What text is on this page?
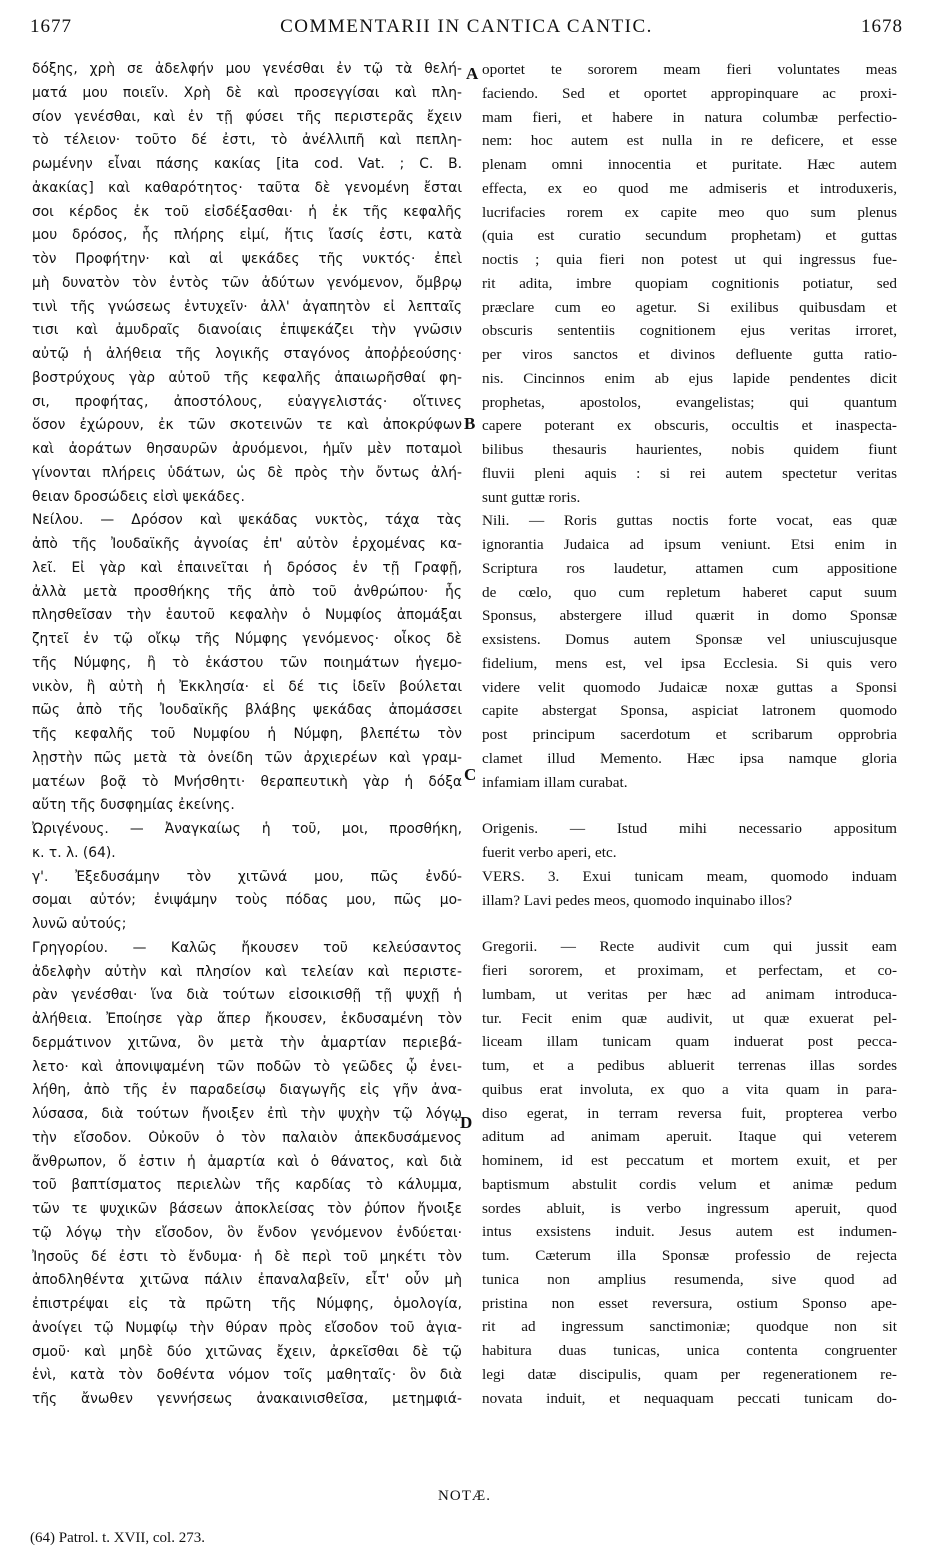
1677	COMMENTARII IN CANTICA CANTIC.	1678

δόξης, χρὴ σε ἀδελφήν μου γενέσθαι ἐν τῷ τὰ θελή-

ματά μου ποιεῖν. Χρὴ δὲ καὶ προσεγγίσαι καὶ πλη-

σίον γενέσθαι, καὶ ἐν τῇ φύσει τῆς περιστερᾶς ἔχειν

τὸ τέλειον· τοῦτο δέ ἐστι, τὸ ἀνέλλιπῆ καὶ πεπλη-

ρωμένην εἶναι πάσης κακίας [ita cod. Vat. ; C. B.

ἀκακίας] καὶ καθαρότητος· ταῦτα δὲ γενομένη ἔσται

σοι κέρδος ἐκ τοῦ εἰσδέξασθαι· ἡ ἐκ τῆς κεφαλῆς

μου δρόσος, ἧς πλήρης εἰμί, ἥτις ἴασίς ἐστι, κατὰ

τὸν Προφήτην· καὶ αἱ ψεκάδες τῆς νυκτός· ἐπεὶ

μὴ δυνατὸν τὸν ἐντὸς τῶν ἀδύτων γενόμενον, ὄμβρῳ

τινὶ τῆς γνώσεως ἐντυχεῖν· ἀλλ' ἀγαπητὸν εἰ λεπταῖς

τισι καὶ ἀμυδραῖς διανοίαις ἐπιψεκάζει τὴν γνῶσιν

αὐτῷ ἡ ἀλήθεια τῆς λογικῆς σταγόνος ἀποῤῥεούσης·

βοστρύχους γὰρ αὐτοῦ τῆς κεφαλῆς ἀπαιωρῆσθαί φη-

σι, προφήτας, ἀποστόλους, εὐαγγελιστάς· οἵτινες

ὅσον ἐχώρουν, ἐκ τῶν σκοτεινῶν τε καὶ ἀποκρύφων

καὶ ἀοράτων θησαυρῶν ἀρυόμενοι, ἡμῖν μὲν ποταμοὶ

γίνονται πλήρεις ὑδάτων, ὡς δὲ πρὸς τὴν ὄντως ἀλή-

θειαν δροσώδεις εἰσὶ ψεκάδες.

Νείλου. — Δρόσον καὶ ψεκάδας νυκτὸς, τάχα τὰς

ἀπὸ τῆς Ἰουδαϊκῆς ἀγνοίας ἐπ' αὐτὸν ἐρχομένας κα-

λεῖ. Εἰ γὰρ καὶ ἐπαινεῖται ἡ δρόσος ἐν τῇ Γραφῇ,

ἀλλὰ μετὰ προσθήκης τῆς ἀπὸ τοῦ ἀνθρώπου· ἧς

πλησθεῖσαν τὴν ἑαυτοῦ κεφαλὴν ὁ Νυμφίος ἀπομάξαι

ζητεῖ ἐν τῷ οἴκῳ τῆς Νύμφης γενόμενος· οἶκος δὲ

τῆς Νύμφης, ἢ τὸ ἑκάστου τῶν ποιημάτων ἡγεμο-

νικὸν, ἢ αὐτὴ ἡ Ἐκκλησία· εἰ δέ τις ἰδεῖν βούλεται

πῶς ἀπὸ τῆς Ἰουδαϊκῆς βλάβης ψεκάδας ἀπομάσσει

τῆς κεφαλῆς τοῦ Νυμφίου ἡ Νύμφη, βλεπέτω τὸν

λῃστὴν πῶς μετὰ τὰ ὀνείδη τῶν ἀρχιερέων καὶ γραμ-

ματέων βοᾷ τὸ Μνήσθητι· θεραπευτικὴ γὰρ ἡ δόξα

αὕτη τῆς δυσφημίας ἐκείνης.

Ὠριγένους. — Ἀναγκαίως ἡ τοῦ, μοι, προσθήκη,

κ. τ. λ. (64).

γ'. Ἐξεδυσάμην τὸν χιτῶνά μου, πῶς ἐνδύ-

σομαι αὐτόν; ἐνιψάμην τοὺς πόδας μου, πῶς μο-

λυνῶ αὐτούς;

Γρηγορίου. — Καλῶς ἤκουσεν τοῦ κελεύσαντος

ἀδελφὴν αὐτὴν καὶ πλησίον καὶ τελείαν καὶ περιστε-

ρὰν γενέσθαι· ἵνα διὰ τούτων εἰσοικισθῇ τῇ ψυχῇ ἡ

ἀλήθεια. Ἐποίησε γὰρ ἅπερ ἤκουσεν, ἐκδυσαμένη τὸν

δερμάτινον χιτῶνα, ὃν μετὰ τὴν ἁμαρτίαν περιεβά-

λετο· καὶ ἀπονιψαμένη τῶν ποδῶν τὸ γεῶδες ᾧ ἐνει-

λήθη, ἀπὸ τῆς ἐν παραδείσῳ διαγωγῆς εἰς γῆν ἀνα-

λύσασα, διὰ τούτων ἤνοιξεν ἐπὶ τὴν ψυχὴν τῷ λόγῳ

τὴν εἴσοδον. Οὐκοῦν ὁ τὸν παλαιὸν ἀπεκδυσάμενος

ἄνθρωπον, ὅ ἐστιν ἡ ἁμαρτία καὶ ὁ θάνατος, καὶ διὰ

τοῦ βαπτίσματος περιελὼν τῆς καρδίας τὸ κάλυμμα,

τῶν τε ψυχικῶν βάσεων ἀποκλείσας τὸν ῥύπον ἤνοιξε

τῷ λόγῳ τὴν εἴσοδον, ὃν ἔνδον γενόμενον ἐνδύεται·

Ἰησοῦς δέ ἐστι τὸ ἔνδυμα· ἡ δὲ περὶ τοῦ μηκέτι τὸν

ἀποδληθέντα χιτῶνα πάλιν ἐπαναλαβεῖν, εἶτ' οὖν μὴ

ἐπιστρέψαι εἰς τὰ πρῶτη τῆς Νύμφης, ὁμολογία,

ἀνοίγει τῷ Νυμφίῳ τὴν θύραν πρὸς εἴσοδον τοῦ ἁγια-

σμοῦ· καὶ μηδὲ δύο χιτῶνας ἔχειν, ἀρκεῖσθαι δὲ τῷ

ἑνὶ, κατὰ τὸν δοθέντα νόμον τοῖς μαθηταῖς· ὃν διὰ

τῆς ἄνωθεν γεννήσεως ἀνακαινισθεῖσα, μετημφιά-

oportet te sororem meam fieri voluntates meas

faciendo. Sed et oportet appropinquare ac proxi-

mam fieri, et habere in natura columbæ perfectio-

nem: hoc autem est nulla in re deficere, et esse

plenam omni innocentia et puritate. Hæc autem

effecta, ex eo quod me admiseris et introduxeris,

lucrifacies rorem ex capite meo quo sum plenus

(quia est curatio secundum prophetam) et guttas

noctis ; quia fieri non potest ut qui ingressus fue-

rit adita, imbre quopiam cognitionis potiatur, sed

præclare cum eo agetur. Si exilibus quibusdam et

obscuris sententiis cognitionem ejus veritas irroret,

per viros sanctos et divinos defluente gutta ratio-

nis. Cincinnos enim ab ejus lapide pendentes dicit

prophetas, apostolos, evangelistas; qui quantum

capere poterant ex obscuris, occultis et inaspecta-

bilibus thesauris haurientes, nobis quidem fiunt

fluvii pleni aquis : si rei autem spectetur veritas

sunt guttæ roris.

Nili. — Roris guttas noctis forte vocat, eas quæ

ignorantia Judaica ad ipsum veniunt. Etsi enim in

Scriptura ros laudetur, attamen cum appositione

de cœlo, quo cum repletum haberet caput suum

Sponsus, abstergere illud quærit in domo Sponsæ

exsistens. Domus autem Sponsæ vel uniuscujusque

fidelium, mens est, vel ipsa Ecclesia. Si quis vero

videre velit quomodo Judaicæ noxæ guttas a Sponsi

capite abstergat Sponsa, aspiciat latronem quomodo

post principum sacerdotum et scribarum opprobria

clamet illud Memento. Hæc ipsa namque gloria

infamiam illam curabat.

Origenis. — Istud mihi necessario appositum

fuerit verbo aperi, etc.

VERS. 3. Exui tunicam meam, quomodo induam

illam? Lavi pedes meos, quomodo inquinabo illos?

Gregorii. — Recte audivit cum qui jussit eam

fieri sororem, et proximam, et perfectam, et co-

lumbam, ut veritas per hæc ad animam introduca-

tur. Fecit enim quæ audivit, ut quæ exuerat pel-

liceam illam tunicam quam induerat post pecca-

tum, et a pedibus abluerit terrenas illas sordes

quibus erat involuta, ex quo a vita quam in para-

diso egerat, in terram reversa fuit, propterea verbo

aditum ad animam aperuit. Itaque qui veterem

hominem, id est peccatum et mortem exuit, et per

baptismum abstulit cordis velum et animæ pedum

sordes abluit, is verbo ingressum aperuit, quod

intus exsistens induit. Jesus autem est indumen-

tum. Cæterum illa Sponsæ professio de rejecta

tunica non amplius resumenda, sive quod ad

pristina non esset reversura, ostium Sponso ape-

rit ad ingressum sanctimoniæ; quodque non sit

habitura duas tunicas, unica contenta congruenter

legi datæ discipulis, quam per regenerationem re-

novata induit, et nequaquam peccati tunicam do-

A
B
C
D
NOTÆ.
(64) Patrol. t. XVII, col. 273.
